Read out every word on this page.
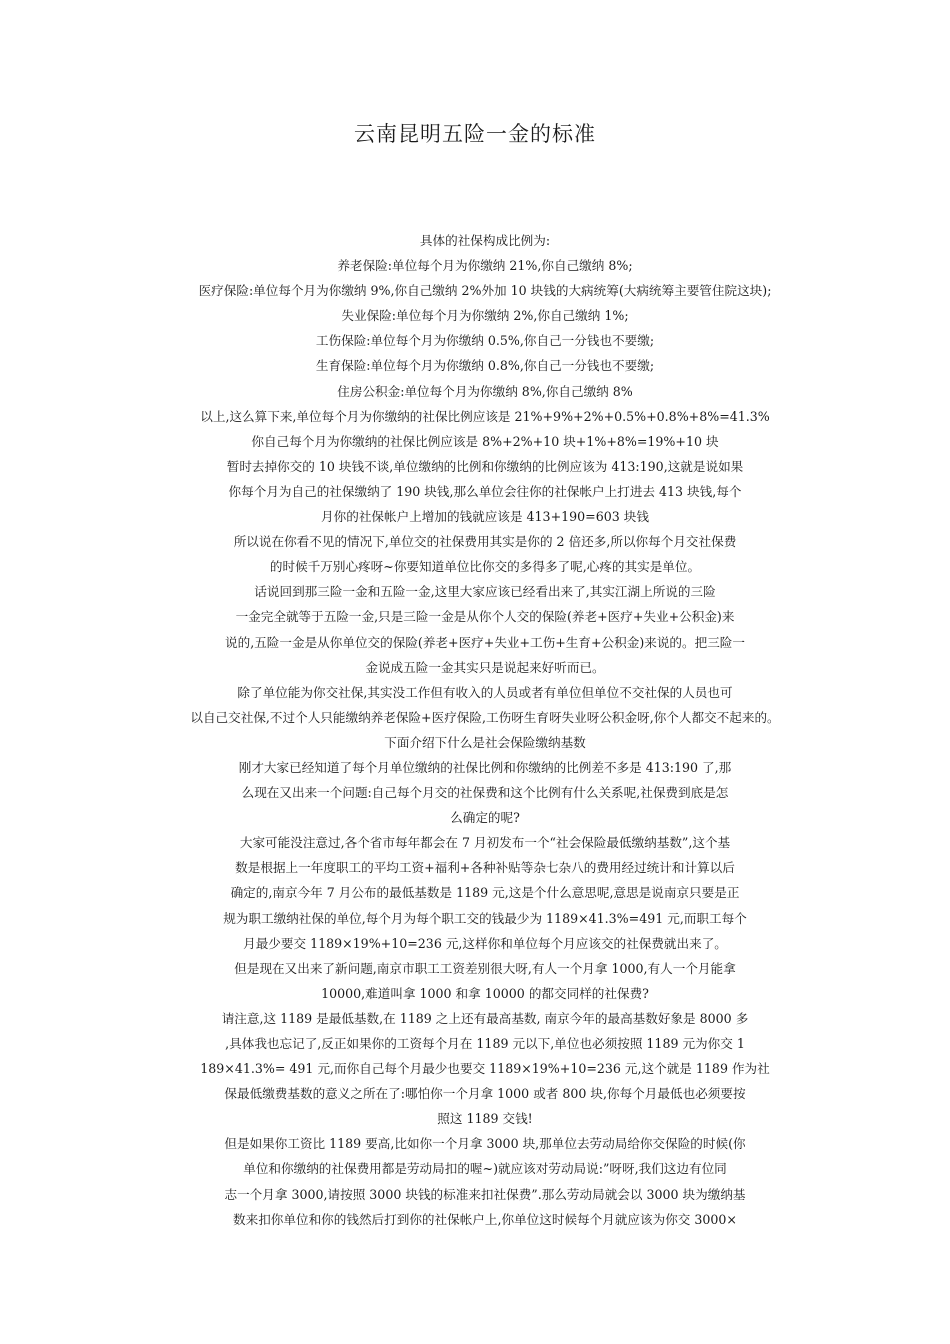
云南昆明五险一金的标准
具体的社保构成比例为:
养老保险:单位每个月为你缴纳 21%,你自己缴纳 8%;
医疗保险:单位每个月为你缴纳 9%,你自己缴纳 2%外加 10 块钱的大病统筹(大病统筹主要管住院这块);
失业保险:单位每个月为你缴纳 2%,你自己缴纳 1%;
工伤保险:单位每个月为你缴纳 0.5%,你自己一分钱也不要缴;
生育保险:单位每个月为你缴纳 0.8%,你自己一分钱也不要缴;
住房公积金:单位每个月为你缴纳 8%,你自己缴纳 8%
以上,这么算下来,单位每个月为你缴纳的社保比例应该是 21%+9%+2%+0.5%+0.8%+8%=41.3%
你自己每个月为你缴纳的社保比例应该是 8%+2%+10 块+1%+8%=19%+10 块
暂时去掉你交的 10 块钱不谈,单位缴纳的比例和你缴纳的比例应该为 413:190,这就是说如果
你每个月为自己的社保缴纳了 190 块钱,那么单位会往你的社保帐户上打进去 413 块钱,每个
月你的社保帐户上增加的钱就应该是 413+190=603 块钱
所以说在你看不见的情况下,单位交的社保费用其实是你的 2 倍还多,所以你每个月交社保费
的时候千万别心疼呀~你要知道单位比你交的多得多了呢,心疼的其实是单位。
话说回到那三险一金和五险一金,这里大家应该已经看出来了,其实江湖上所说的三险
一金完全就等于五险一金,只是三险一金是从你个人交的保险(养老+医疗+失业+公积金)来
说的,五险一金是从你单位交的保险(养老+医疗+失业+工伤+生育+公积金)来说的。把三险一
金说成五险一金其实只是说起来好听而已。
除了单位能为你交社保,其实没工作但有收入的人员或者有单位但单位不交社保的人员也可
以自己交社保,不过个人只能缴纳养老保险+医疗保险,工伤呀生育呀失业呀公积金呀,你个人都交不起来的。
下面介绍下什么是社会保险缴纳基数
刚才大家已经知道了每个月单位缴纳的社保比例和你缴纳的比例差不多是 413:190 了,那
么现在又出来一个问题:自己每个月交的社保费和这个比例有什么关系呢,社保费到底是怎
么确定的呢?
大家可能没注意过,各个省市每年都会在 7 月初发布一个“社会保险最低缴纳基数”,这个基
数是根据上一年度职工的平均工资+福利+各种补贴等杂七杂八的费用经过统计和计算以后
确定的,南京今年 7 月公布的最低基数是 1189 元,这是个什么意思呢,意思是说南京只要是正
规为职工缴纳社保的单位,每个月为每个职工交的钱最少为 1189×41.3%=491 元,而职工每个
月最少要交 1189×19%+10=236 元,这样你和单位每个月应该交的社保费就出来了。
但是现在又出来了新问题,南京市职工工资差别很大呀,有人一个月拿 1000,有人一个月能拿
10000,难道叫拿 1000 和拿 10000 的都交同样的社保费?
请注意,这 1189 是最低基数,在 1189 之上还有最高基数, 南京今年的最高基数好象是 8000 多
,具体我也忘记了,反正如果你的工资每个月在 1189 元以下,单位也必须按照 1189 元为你交 1
189×41.3%= 491 元,而你自己每个月最少也要交 1189×19%+10=236 元,这个就是 1189 作为社
保最低缴费基数的意义之所在了:哪怕你一个月拿 1000 或者 800 块,你每个月最低也必须要按
照这 1189 交钱!
但是如果你工资比 1189 要高,比如你一个月拿 3000 块,那单位去劳动局给你交保险的时候(你
单位和你缴纳的社保费用都是劳动局扣的喔~)就应该对劳动局说:”呀呀,我们这边有位同
志一个月拿 3000,请按照 3000 块钱的标准来扣社保费”.那么劳动局就会以 3000 块为缴纳基
数来扣你单位和你的钱然后打到你的社保帐户上,你单位这时候每个月就应该为你交 3000×
